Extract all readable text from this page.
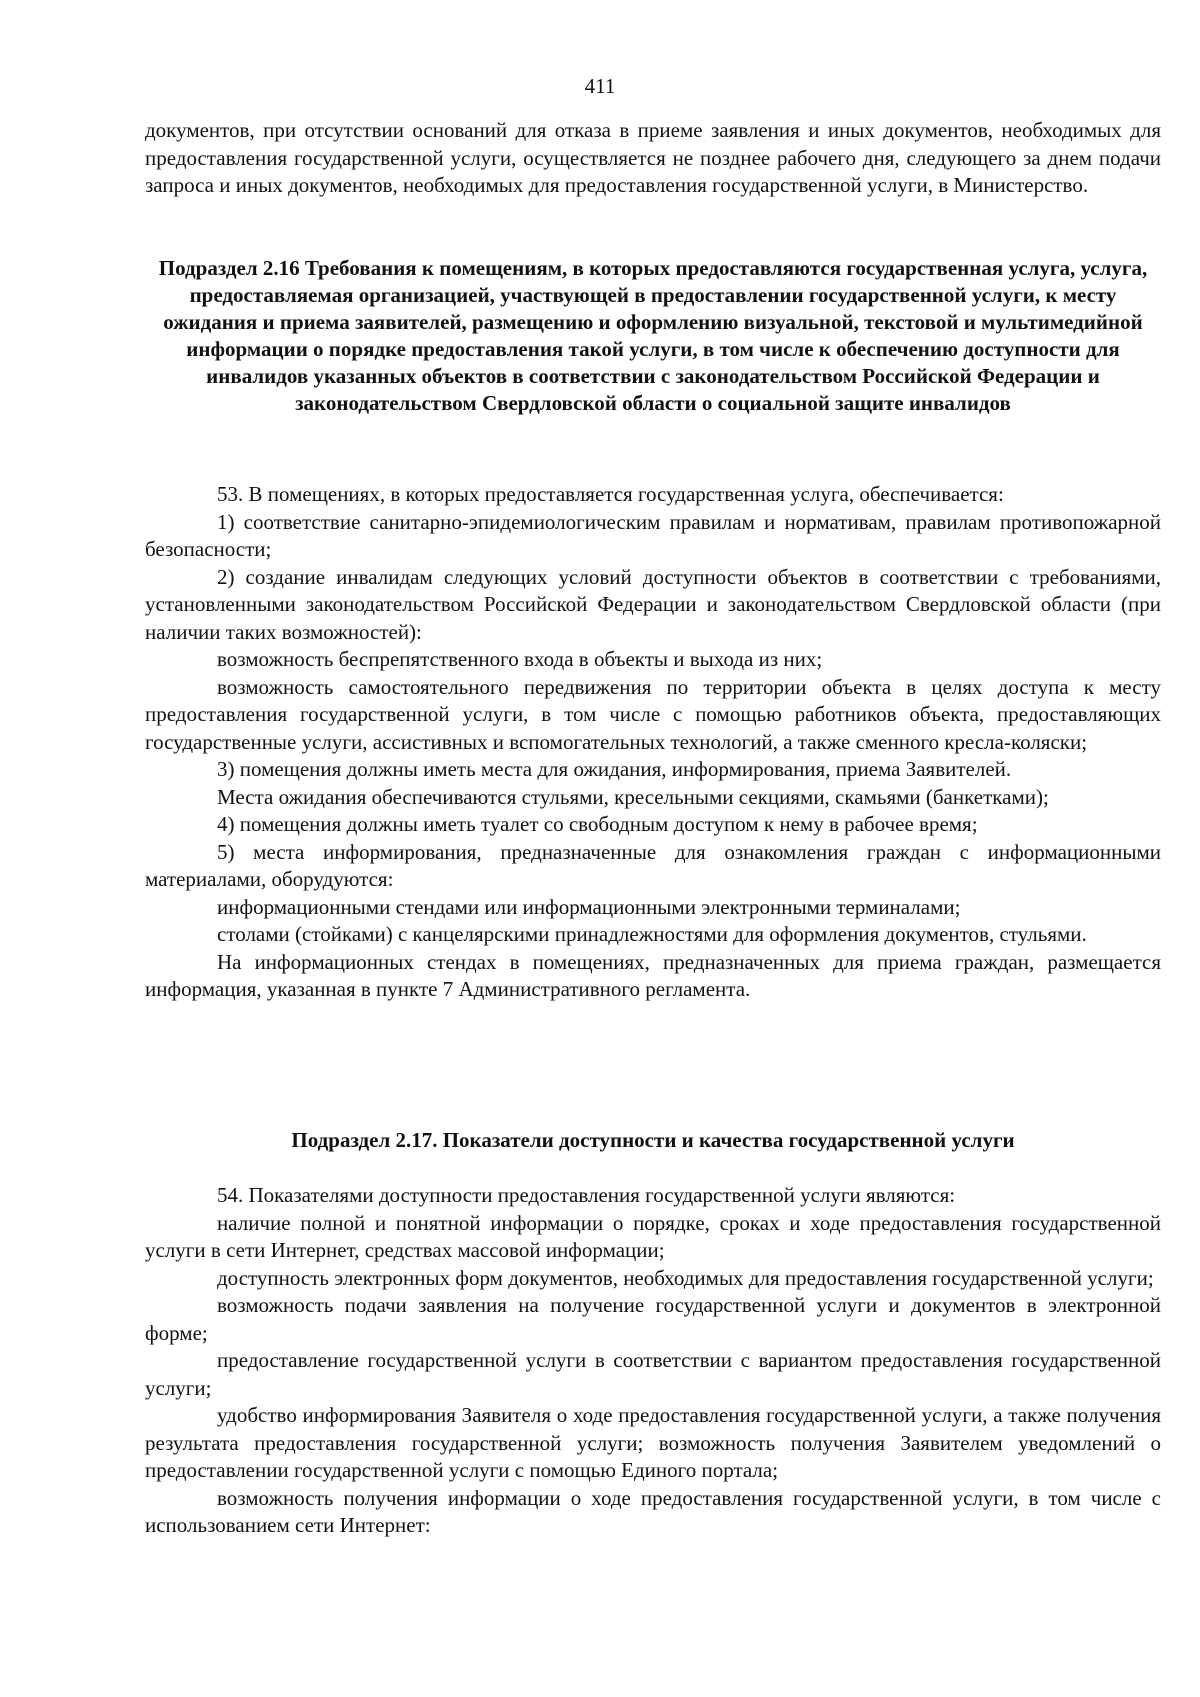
411

документов, при отсутствии оснований для отказа в приеме заявления и иных документов, необходимых для предоставления государственной услуги, осуществляется не позднее рабочего дня, следующего за днем подачи запроса и иных документов, необходимых для предоставления государственной услуги, в Министерство.

Подраздел 2.16 Требования к помещениям, в которых предоставляются государственная услуга, услуга, предоставляемая организацией, участвующей в предоставлении государственной услуги, к месту ожидания и приема заявителей, размещению и оформлению визуальной, текстовой и мультимедийной информации о порядке предоставления такой услуги, в том числе к обеспечению доступности для инвалидов указанных объектов в соответствии с законодательством Российской Федерации и законодательством Свердловской области о социальной защите инвалидов

53. В помещениях, в которых предоставляется государственная услуга, обеспечивается:

1) соответствие санитарно-эпидемиологическим правилам и нормативам, правилам противопожарной безопасности;

2) создание инвалидам следующих условий доступности объектов в соответствии с требованиями, установленными законодательством Российской Федерации и законодательством Свердловской области (при наличии таких возможностей):

возможность беспрепятственного входа в объекты и выхода из них;

возможность самостоятельного передвижения по территории объекта в целях доступа к месту предоставления государственной услуги, в том числе с помощью работников объекта, предоставляющих государственные услуги, ассистивных и вспомогательных технологий, а также сменного кресла-коляски;

3) помещения должны иметь места для ожидания, информирования, приема Заявителей.

Места ожидания обеспечиваются стульями, кресельными секциями, скамьями (банкетками);

4) помещения должны иметь туалет со свободным доступом к нему в рабочее время;

5) места информирования, предназначенные для ознакомления граждан с информационными материалами, оборудуются:

информационными стендами или информационными электронными терминалами;

столами (стойками) с канцелярскими принадлежностями для оформления документов, стульями.

На информационных стендах в помещениях, предназначенных для приема граждан, размещается информация, указанная в пункте 7 Административного регламента.

Подраздел 2.17. Показатели доступности и качества государственной услуги

54. Показателями доступности предоставления государственной услуги являются:

наличие полной и понятной информации о порядке, сроках и ходе предоставления государственной услуги в сети Интернет, средствах массовой информации;

доступность электронных форм документов, необходимых для предоставления государственной услуги;

возможность подачи заявления на получение государственной услуги и документов в электронной форме;

предоставление государственной услуги в соответствии с вариантом предоставления государственной услуги;

удобство информирования Заявителя о ходе предоставления государственной услуги, а также получения результата предоставления государственной услуги; возможность получения Заявителем уведомлений о предоставлении государственной услуги с помощью Единого портала;

возможность получения информации о ходе предоставления государственной услуги, в том числе с использованием сети Интернет:
